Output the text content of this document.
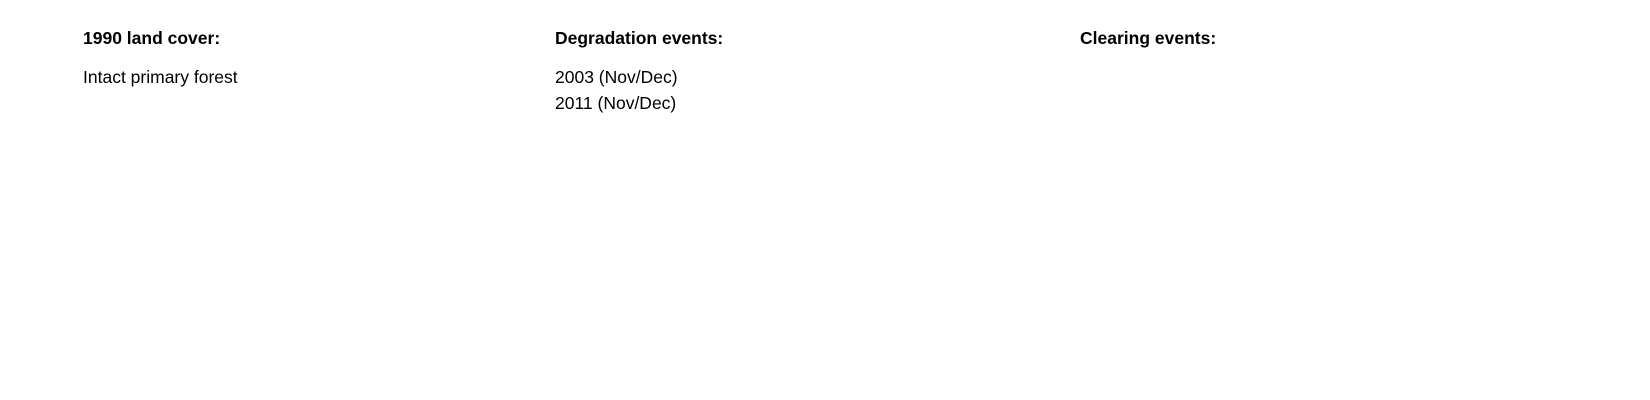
1990 land cover:
Intact primary forest
Degradation events:
2003 (Nov/Dec)
2011 (Nov/Dec)
Clearing events:
